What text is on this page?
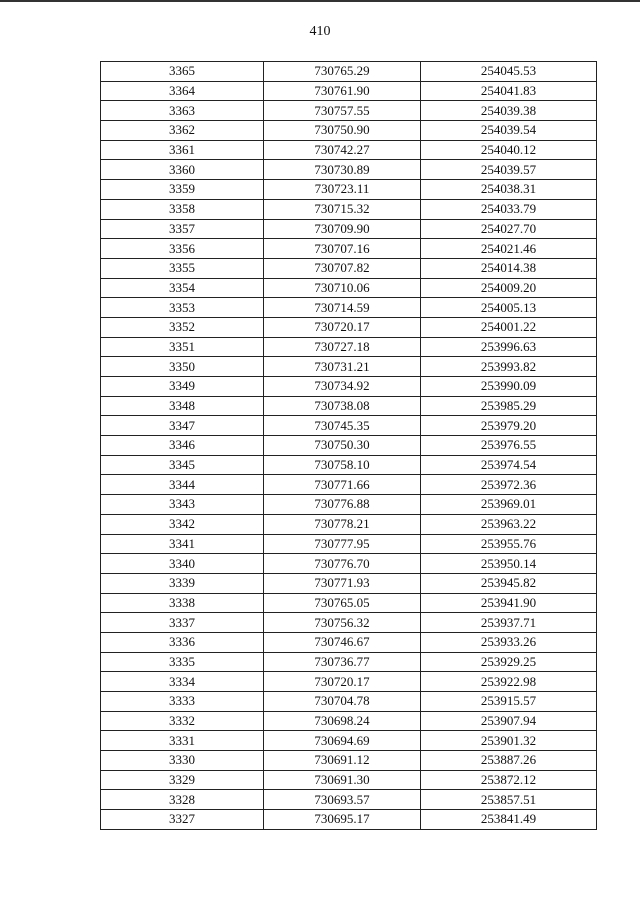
410
3365	730765.29	254045.53
3364	730761.90	254041.83
3363	730757.55	254039.38
3362	730750.90	254039.54
3361	730742.27	254040.12
3360	730730.89	254039.57
3359	730723.11	254038.31
3358	730715.32	254033.79
3357	730709.90	254027.70
3356	730707.16	254021.46
3355	730707.82	254014.38
3354	730710.06	254009.20
3353	730714.59	254005.13
3352	730720.17	254001.22
3351	730727.18	253996.63
3350	730731.21	253993.82
3349	730734.92	253990.09
3348	730738.08	253985.29
3347	730745.35	253979.20
3346	730750.30	253976.55
3345	730758.10	253974.54
3344	730771.66	253972.36
3343	730776.88	253969.01
3342	730778.21	253963.22
3341	730777.95	253955.76
3340	730776.70	253950.14
3339	730771.93	253945.82
3338	730765.05	253941.90
3337	730756.32	253937.71
3336	730746.67	253933.26
3335	730736.77	253929.25
3334	730720.17	253922.98
3333	730704.78	253915.57
3332	730698.24	253907.94
3331	730694.69	253901.32
3330	730691.12	253887.26
3329	730691.30	253872.12
3328	730693.57	253857.51
3327	730695.17	253841.49
